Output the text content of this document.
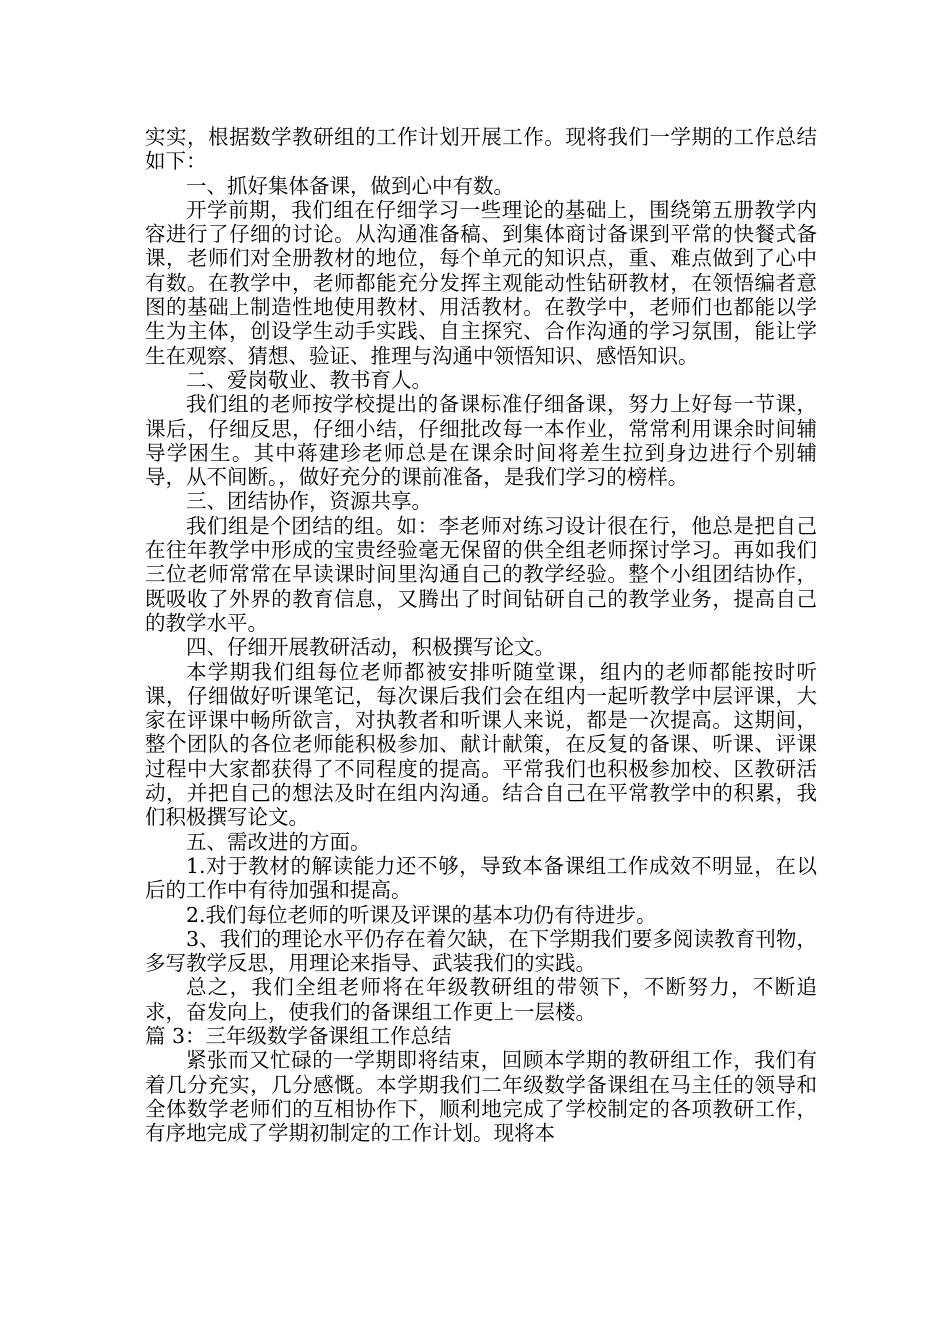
实实，根据数学教研组的工作计划开展工作。现将我们一学期的工作总结如下：

一、抓好集体备课，做到心中有数。

开学前期，我们组在仔细学习一些理论的基础上，围绕第五册教学内容进行了仔细的讨论。从沟通准备稿、到集体商讨备课到平常的快餐式备课，老师们对全册教材的地位，每个单元的知识点，重、难点做到了心中有数。在教学中，老师都能充分发挥主观能动性钻研教材，在领悟编者意图的基础上制造性地使用教材、用活教材。在教学中，老师们也都能以学生为主体，创设学生动手实践、自主探究、合作沟通的学习氛围，能让学生在观察、猜想、验证、推理与沟通中领悟知识、感悟知识。

二、爱岗敬业、教书育人。

我们组的老师按学校提出的备课标准仔细备课，努力上好每一节课，课后，仔细反思，仔细小结，仔细批改每一本作业，常常利用课余时间辅导学困生。其中蒋建珍老师总是在课余时间将差生拉到身边进行个别辅导，从不间断。，做好充分的课前准备，是我们学习的榜样。

三、团结协作，资源共享。

我们组是个团结的组。如：李老师对练习设计很在行，他总是把自己在往年教学中形成的宝贵经验毫无保留的供全组老师探讨学习。再如我们三位老师常常在早读课时间里沟通自己的教学经验。整个小组团结协作，既吸收了外界的教育信息，又腾出了时间钻研自己的教学业务，提高自己的教学水平。

四、仔细开展教研活动，积极撰写论文。

本学期我们组每位老师都被安排听随堂课，组内的老师都能按时听课，仔细做好听课笔记，每次课后我们会在组内一起听教学中层评课，大家在评课中畅所欲言，对执教者和听课人来说，都是一次提高。这期间，整个团队的各位老师能积极参加、献计献策，在反复的备课、听课、评课过程中大家都获得了不同程度的提高。平常我们也积极参加校、区教研活动，并把自己的想法及时在组内沟通。结合自己在平常教学中的积累，我们积极撰写论文。

五、需改进的方面。

1.对于教材的解读能力还不够，导致本备课组工作成效不明显，在以后的工作中有待加强和提高。

2.我们每位老师的听课及评课的基本功仍有待进步。

3、我们的理论水平仍存在着欠缺，在下学期我们要多阅读教育刊物，多写教学反思，用理论来指导、武装我们的实践。

总之，我们全组老师将在年级教研组的带领下，不断努力，不断追求，奋发向上，使我们的备课组工作更上一层楼。

篇 3：三年级数学备课组工作总结

紧张而又忙碌的一学期即将结束，回顾本学期的教研组工作，我们有着几分充实，几分感慨。本学期我们二年级数学备课组在马主任的领导和全体数学老师们的互相协作下，顺利地完成了学校制定的各项教研工作，有序地完成了学期初制定的工作计划。现将本
